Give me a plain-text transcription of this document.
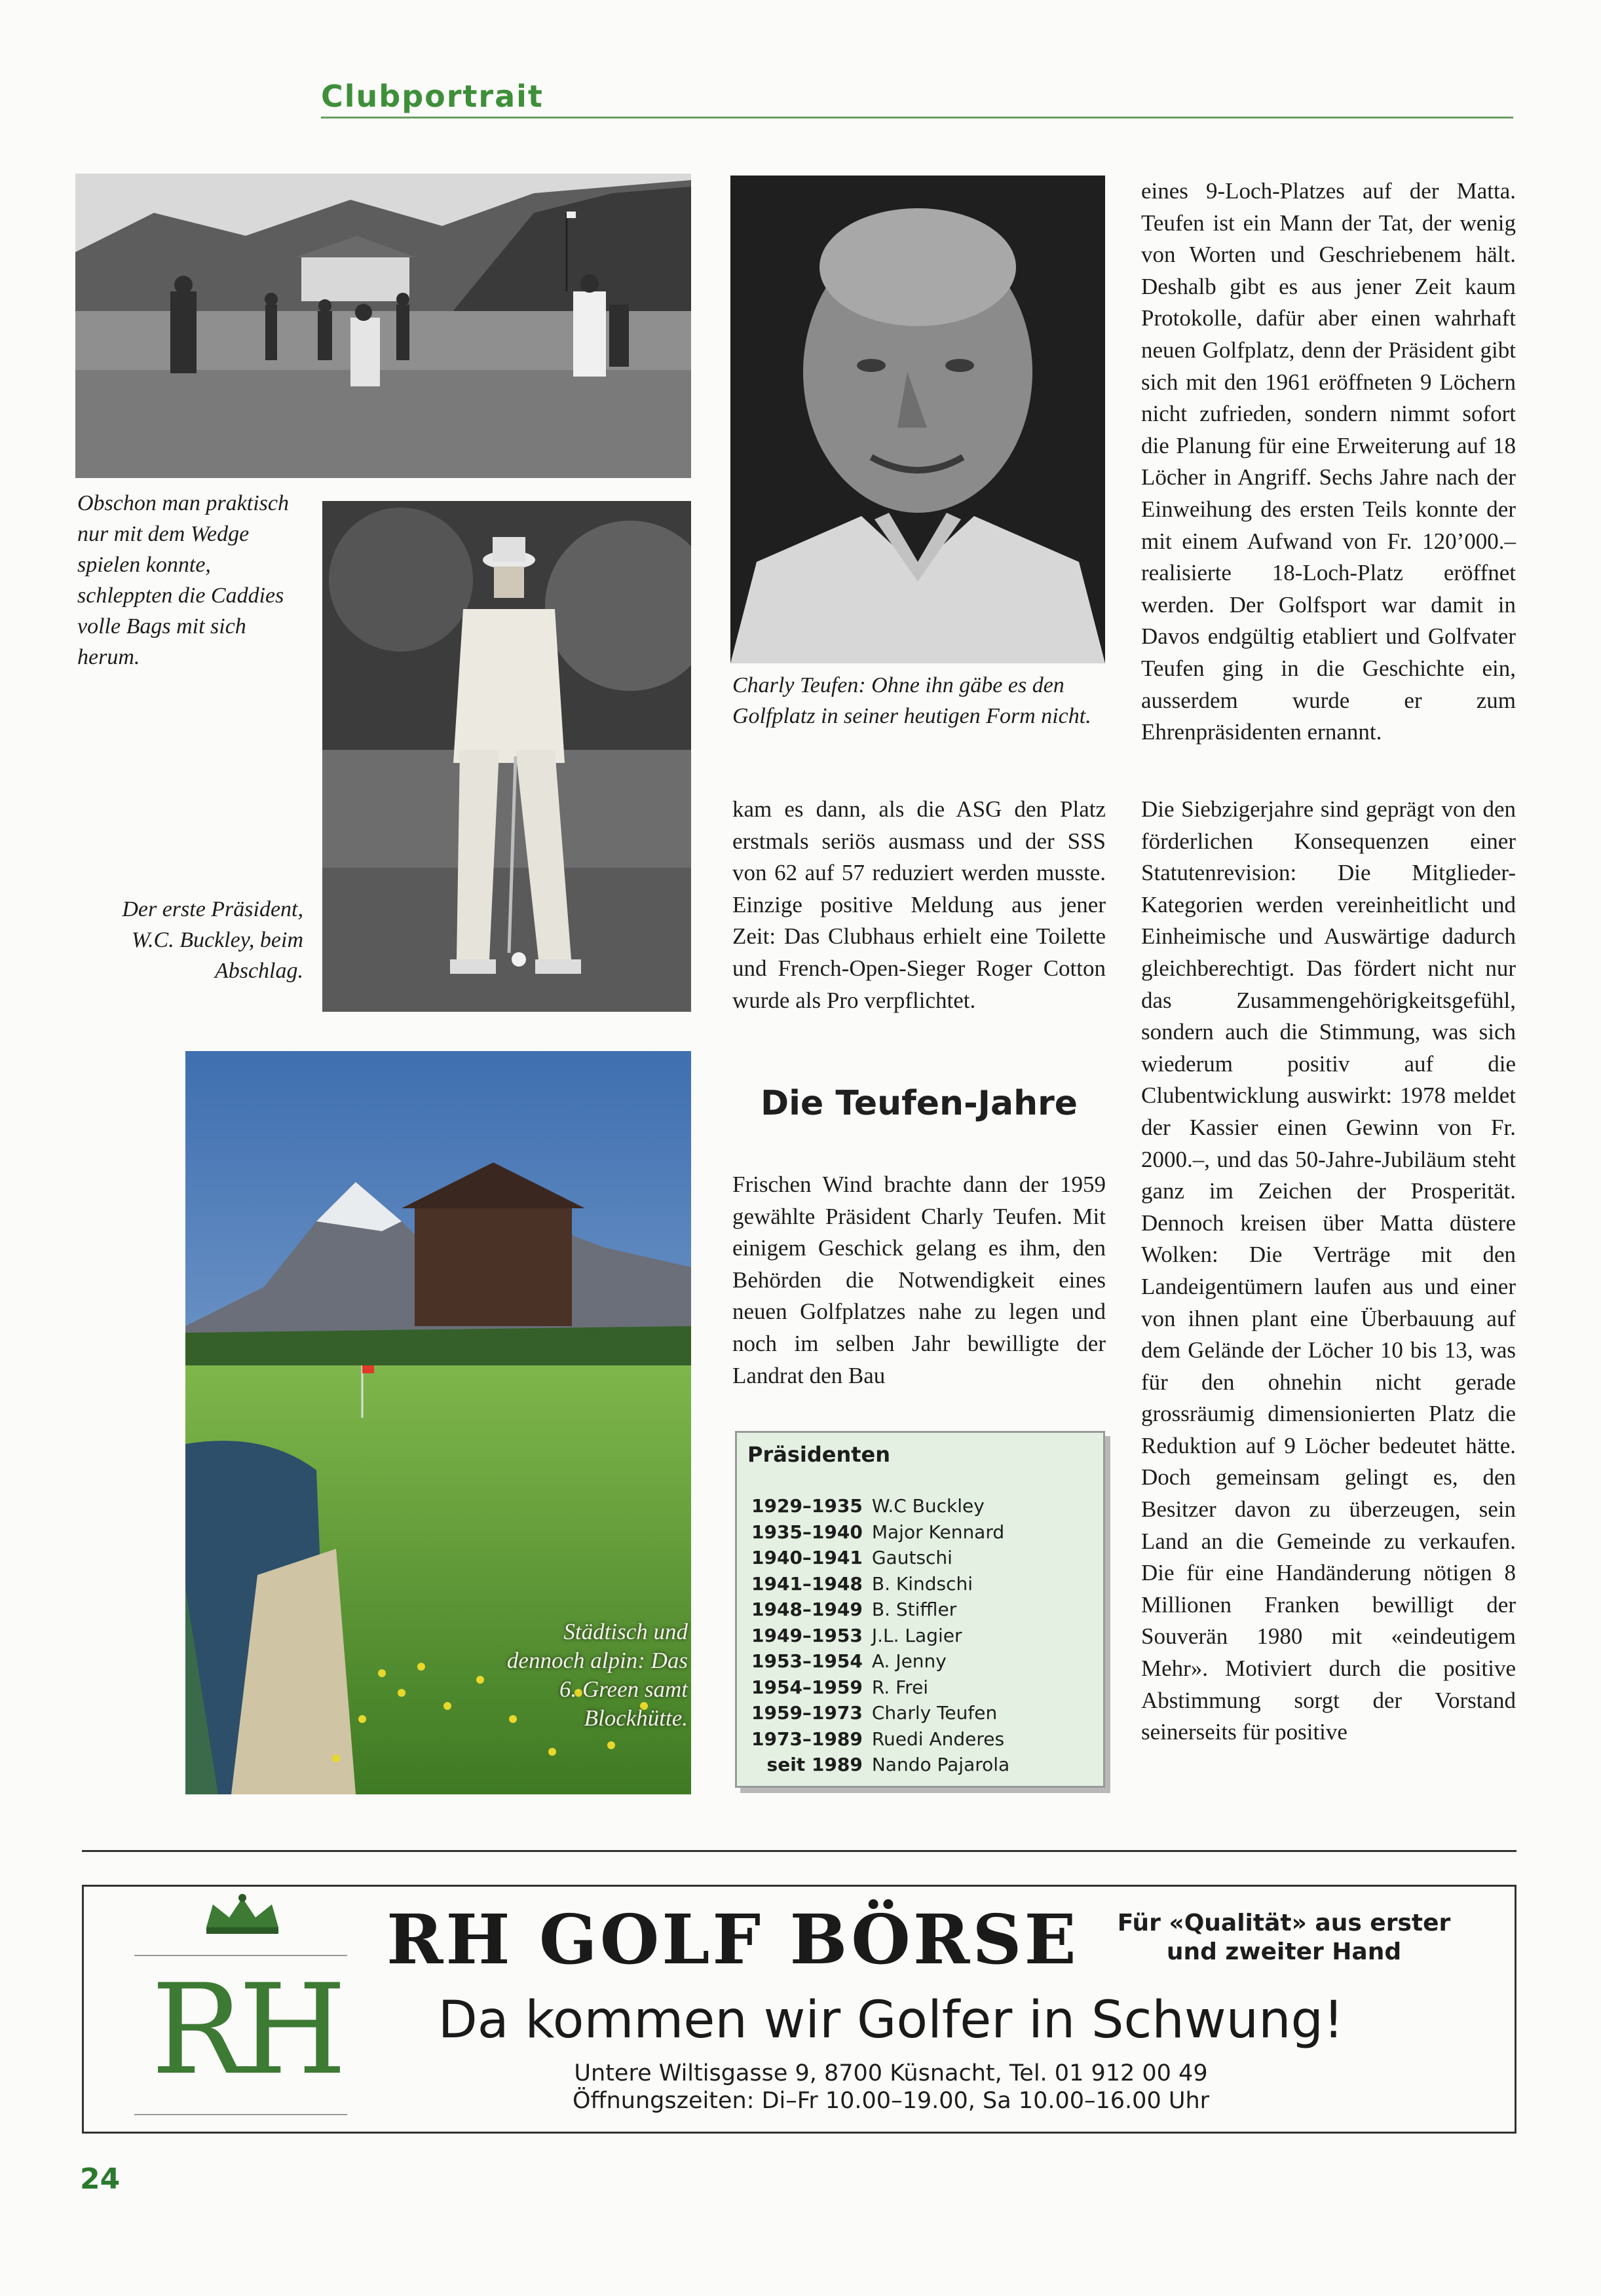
Clubportrait
Obschon man praktisch nur mit dem Wedge spielen konnte, schleppten die Caddies volle Bags mit sich herum.
Der erste Präsident, W.C. Buckley, beim Abschlag.
Charly Teufen: Ohne ihn gäbe es den Golfplatz in seiner heutigen Form nicht.
Städtisch und dennoch alpin: Das 6. Green samt Blockhütte.

kam es dann, als die ASG den Platz erstmals seriös ausmass und der SSS von 62 auf 57 reduziert werden musste. Einzige positive Meldung aus jener Zeit: Das Clubhaus erhielt eine Toilette und French-Open-Sieger Roger Cotton wurde als Pro verpflichtet.

Die Teufen-Jahre

Frischen Wind brachte dann der 1959 gewählte Präsident Charly Teufen. Mit einigem Geschick gelang es ihm, den Behörden die Notwendigkeit eines neuen Golfplatzes nahe zu legen und noch im selben Jahr bewilligte der Landrat den Bau

Präsidenten
1929–1935	W.C Buckley
1935–1940	Major Kennard
1940–1941	Gautschi
1941–1948	B. Kindschi
1948–1949	B. Stiffler
1949–1953	J.L. Lagier
1953–1954	A. Jenny
1954–1959	R. Frei
1959–1973	Charly Teufen
1973–1989	Ruedi Anderes
seit 1989	Nando Pajarola

eines 9-Loch-Platzes auf der Matta. Teufen ist ein Mann der Tat, der wenig von Worten und Geschriebenem hält. Deshalb gibt es aus jener Zeit kaum Protokolle, dafür aber einen wahrhaft neuen Golfplatz, denn der Präsident gibt sich mit den 1961 eröffneten 9 Löchern nicht zufrieden, sondern nimmt sofort die Planung für eine Erweiterung auf 18 Löcher in Angriff. Sechs Jahre nach der Einweihung des ersten Teils konnte der mit einem Aufwand von Fr. 120’000.– realisierte 18-Loch-Platz eröffnet werden. Der Golfsport war damit in Davos endgültig etabliert und Golfvater Teufen ging in die Geschichte ein, ausserdem wurde er zum Ehrenpräsidenten ernannt.

Die Siebzigerjahre sind geprägt von den förderlichen Konsequenzen einer Statutenrevision: Die Mitglieder-Kategorien werden vereinheitlicht und Einheimische und Auswärtige dadurch gleichberechtigt. Das fördert nicht nur das Zusammengehörigkeitsgefühl, sondern auch die Stimmung, was sich wiederum positiv auf die Clubentwicklung auswirkt: 1978 meldet der Kassier einen Gewinn von Fr. 2000.–, und das 50-Jahre-Jubiläum steht ganz im Zeichen der Prosperität. Dennoch kreisen über Matta düstere Wolken: Die Verträge mit den Landeigentümern laufen aus und einer von ihnen plant eine Überbauung auf dem Gelände der Löcher 10 bis 13, was für den ohnehin nicht gerade grossräumig dimensionierten Platz die Reduktion auf 9 Löcher bedeutet hätte. Doch gemeinsam gelingt es, den Besitzer davon zu überzeugen, sein Land an die Gemeinde zu verkaufen. Die für eine Handänderung nötigen 8 Millionen Franken bewilligt der Souverän 1980 mit «eindeutigem Mehr». Motiviert durch die positive Abstimmung sorgt der Vorstand seinerseits für positive

RH
RH GOLF BÖRSE Für «Qualität» aus erster
und zweiter Hand
Da kommen wir Golfer in Schwung!
Untere Wiltisgasse 9, 8700 Küsnacht, Tel. 01 912 00 49
Öffnungszeiten: Di–Fr 10.00–19.00, Sa 10.00–16.00 Uhr
24
